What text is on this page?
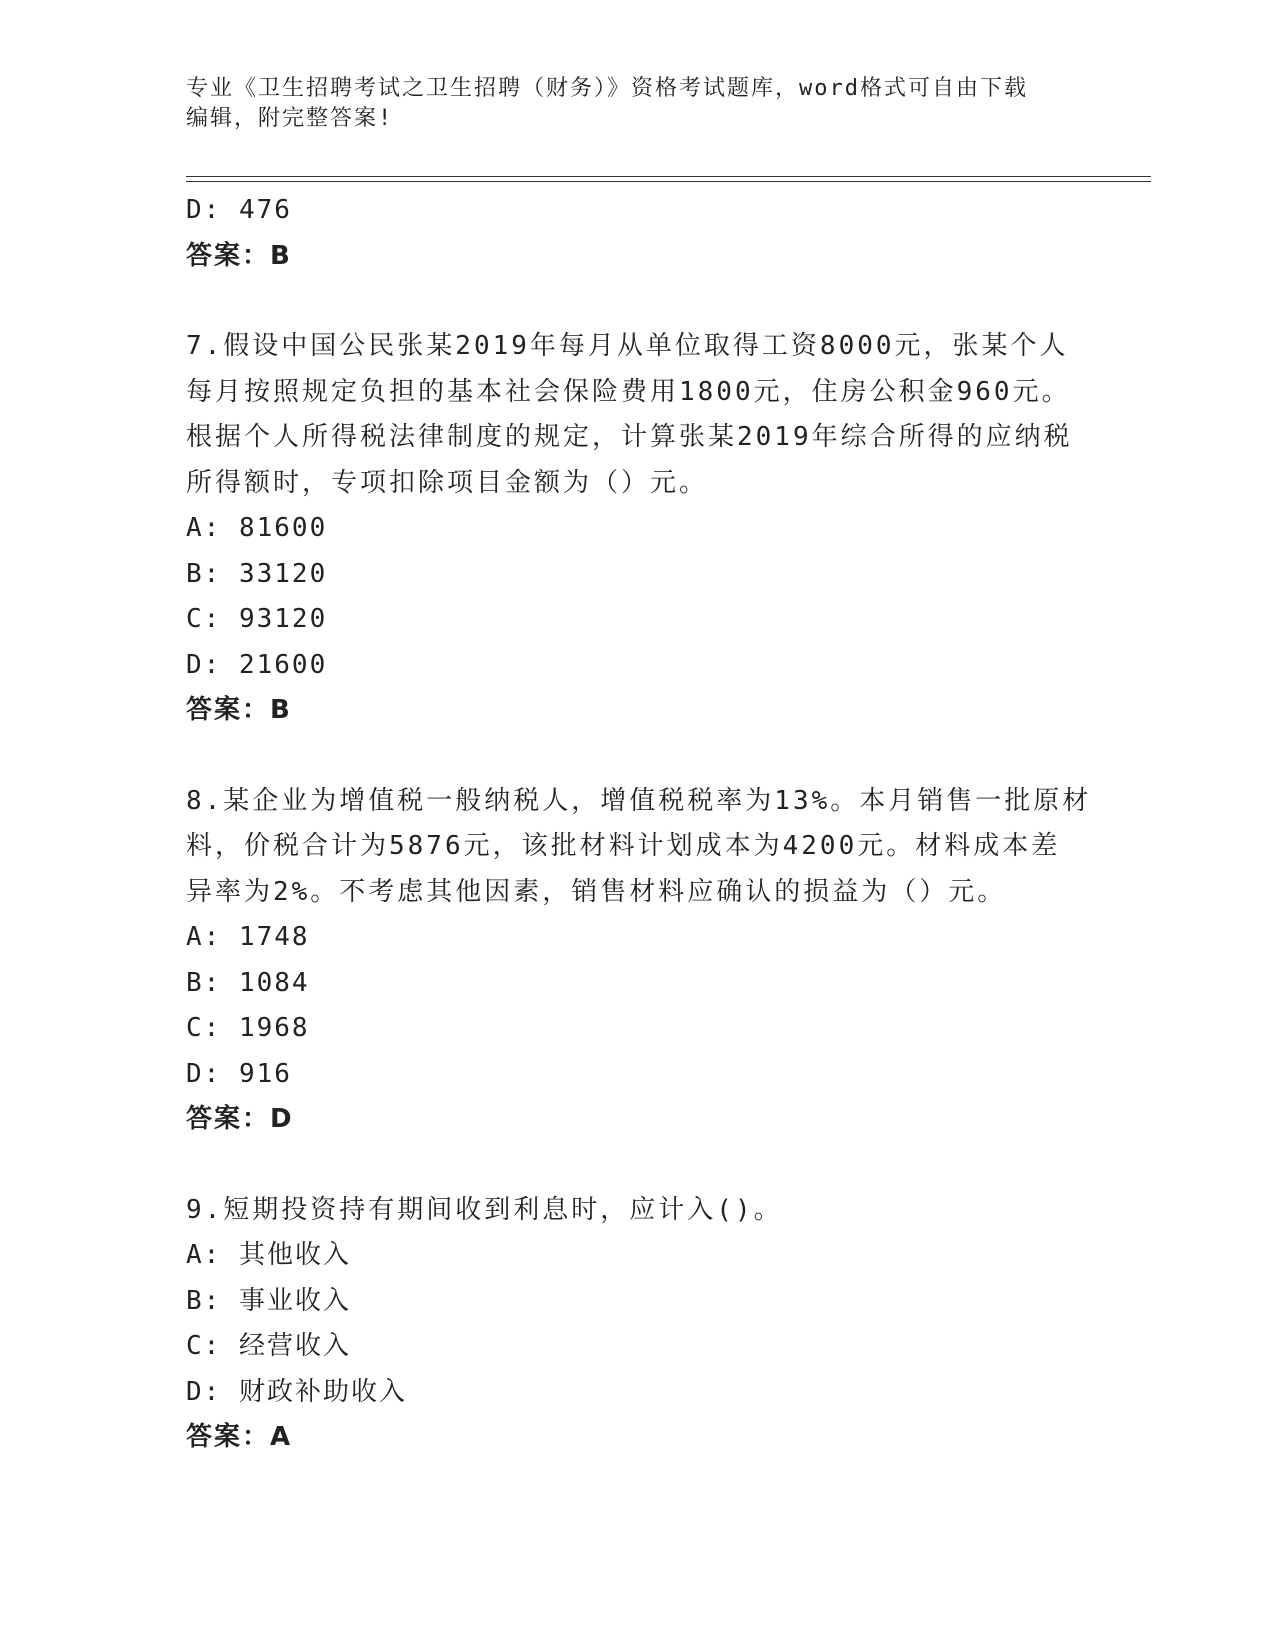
专业《卫生招聘考试之卫生招聘（财务）》资格考试题库，word格式可自由下载
编辑，附完整答案!
D: 476
答案：B
7.假设中国公民张某2019年每月从单位取得工资8000元，张某个人
每月按照规定负担的基本社会保险费用1800元，住房公积金960元。
根据个人所得税法律制度的规定，计算张某2019年综合所得的应纳税
所得额时，专项扣除项目金额为（）元。
A: 81600
B: 33120
C: 93120
D: 21600
答案：B
8.某企业为增值税一般纳税人，增值税税率为13%。本月销售一批原材
料，价税合计为5876元，该批材料计划成本为4200元。材料成本差
异率为2%。不考虑其他因素，销售材料应确认的损益为（）元。
A: 1748
B: 1084
C: 1968
D: 916
答案：D
9.短期投资持有期间收到利息时，应计入()。
A: 其他收入
B: 事业收入
C: 经营收入
D: 财政补助收入
答案：A
